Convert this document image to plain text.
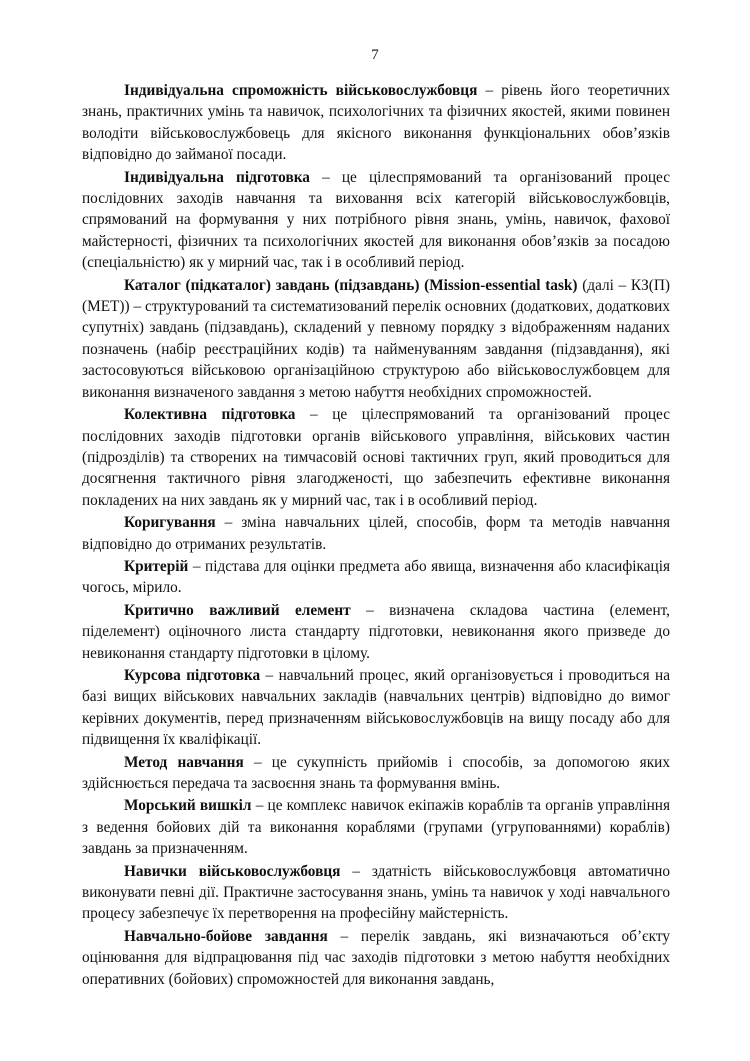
7

Індивідуальна спроможність військовослужбовця – рівень його теоретичних знань, практичних умінь та навичок, психологічних та фізичних якостей, якими повинен володіти військовослужбовець для якісного виконання функціональних обов’язків відповідно до займаної посади.

Індивідуальна підготовка – це цілеспрямований та організований процес послідовних заходів навчання та виховання всіх категорій військовослужбовців, спрямований на формування у них потрібного рівня знань, умінь, навичок, фахової майстерності, фізичних та психологічних якостей для виконання обов’язків за посадою (спеціальністю) як у мирний час, так і в особливий період.

Каталог (підкаталог) завдань (підзавдань) (Mission-essential task) (далі – КЗ(П) (МЕТ)) – структурований та систематизований перелік основних (додаткових, додаткових супутніх) завдань (підзавдань), складений у певному порядку з відображенням наданих позначень (набір реєстраційних кодів) та найменуванням завдання (підзавдання), які застосовуються військовою організаційною структурою або військовослужбовцем для виконання визначеного завдання з метою набуття необхідних спроможностей.

Колективна підготовка – це цілеспрямований та організований процес послідовних заходів підготовки органів військового управління, військових частин (підрозділів) та створених на тимчасовій основі тактичних груп, який проводиться для досягнення тактичного рівня злагодженості, що забезпечить ефективне виконання покладених на них завдань як у мирний час, так і в особливий період.

Коригування – зміна навчальних цілей, способів, форм та методів навчання відповідно до отриманих результатів.

Критерій – підстава для оцінки предмета або явища, визначення або класифікація чогось, мірило.

Критично важливий елемент – визначена складова частина (елемент, піделемент) оціночного листа стандарту підготовки, невиконання якого призведе до невиконання стандарту підготовки в цілому.

Курсова підготовка – навчальний процес, який організовується і проводиться на базі вищих військових навчальних закладів (навчальних центрів) відповідно до вимог керівних документів, перед призначенням військовослужбовців на вищу посаду або для підвищення їх кваліфікації.

Метод навчання – це сукупність прийомів і способів, за допомогою яких здійснюється передача та засвоєння знань та формування вмінь.

Морський вишкіл – це комплекс навичок екіпажів кораблів та органів управління з ведення бойових дій та виконання кораблями (групами (угрупованнями) кораблів) завдань за призначенням.

Навички військовослужбовця – здатність військовослужбовця автоматично виконувати певні дії. Практичне застосування знань, умінь та навичок у ході навчального процесу забезпечує їх перетворення на професійну майстерність.

Навчально-бойове завдання – перелік завдань, які визначаються об’єкту оцінювання для відпрацювання під час заходів підготовки з метою набуття необхідних оперативних (бойових) спроможностей для виконання завдань,
